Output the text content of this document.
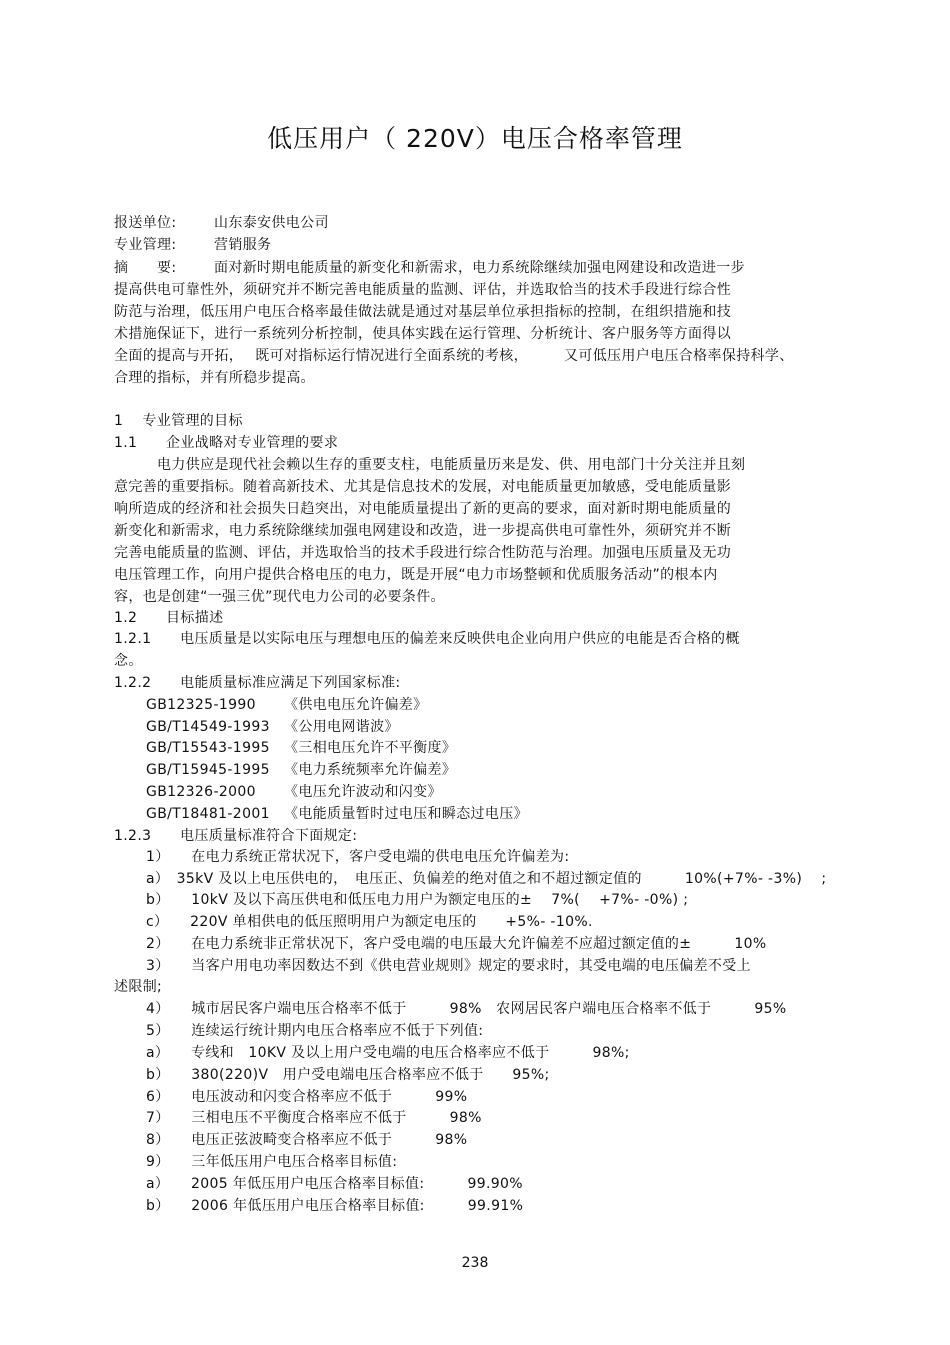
低压用户（ 220V）电压合格率管理
报送单位:	山东泰安供电公司
专业管理:	营销服务
摘　　要:	面对新时期电能质量的新变化和新需求，电力系统除继续加强电网建设和改造进一步
提高供电可靠性外，须研究并不断完善电能质量的监测、评估，并选取恰当的技术手段进行综合性
防范与治理，低压用户电压合格率最佳做法就是通过对基层单位承担指标的控制，在组织措施和技
术措施保证下，进行一系统列分析控制，使具体实践在运行管理、分析统计、客户服务等方面得以
全面的提高与开拓，　 既可对指标运行情况进行全面系统的考核，　　　又可低压用户电压合格率保持科学、
合理的指标，并有所稳步提高。
1　 专业管理的目标
1.1　　企业战略对专业管理的要求
　　　电力供应是现代社会赖以生存的重要支柱，电能质量历来是发、供、用电部门十分关注并且刻
意完善的重要指标。随着高新技术、尤其是信息技术的发展，对电能质量更加敏感，受电能质量影
响所造成的经济和社会损失日趋突出，对电能质量提出了新的更高的要求，面对新时期电能质量的
新变化和新需求，电力系统除继续加强电网建设和改造，进一步提高供电可靠性外，须研究并不断
完善电能质量的监测、评估，并选取恰当的技术手段进行综合性防范与治理。加强电压质量及无功
电压管理工作，向用户提供合格电压的电力，既是开展“电力市场整顿和优质服务活动”的根本内
容，也是创建“一强三优”现代电力公司的必要条件。
1.2　　目标描述
1.2.1　　电压质量是以实际电压与理想电压的偏差来反映供电企业向用户供应的电能是否合格的概
念。
1.2.2　　电能质量标准应满足下列国家标准:
GB12325-1990 《供电电压允许偏差》
GB/T14549-1993 《公用电网谐波》
GB/T15543-1995 《三相电压允许不平衡度》
GB/T15945-1995 《电力系统频率允许偏差》
GB12326-2000 《电压允许波动和闪变》
GB/T18481-2001 《电能质量暂时过电压和瞬态过电压》
1.2.3　　电压质量标准符合下面规定:
1）　　在电力系统正常状况下，客户受电端的供电电压允许偏差为:
a）　35kV 及以上电压供电的，　电压正、负偏差的绝对值之和不超过额定值的　　　10%(+7%- -3%)　 ;
b）　　10kV 及以下高压供电和低压电力用户为额定电压的±　 7%(　 +7%- -0%) ;
c）　　220V 单相供电的低压照明用户为额定电压的　　+5%- -10%.
2）　　在电力系统非正常状况下，客户受电端的电压最大允许偏差不应超过额定值的±　　　10%
3）　　当客户用电功率因数达不到《供电营业规则》规定的要求时，其受电端的电压偏差不受上
述限制;
4）　　城市居民客户端电压合格率不低于　　　98%　农网居民客户端电压合格率不低于　　　95%
5）　　连续运行统计期内电压合格率应不低于下列值:
a）　　专线和　10KV 及以上用户受电端的电压合格率应不低于　　　98%;
b）　　380(220)V　用户受电端电压合格率应不低于　　95%;
6）　　电压波动和闪变合格率应不低于　　　99%
7）　　三相电压不平衡度合格率应不低于　　　98%
8）　　电压正弦波畸变合格率应不低于　　　98%
9）　　三年低压用户电压合格率目标值:
a）　　2005 年低压用户电压合格率目标值:　　　99.90%
b）　　2006 年低压用户电压合格率目标值:　　　99.91%
238
